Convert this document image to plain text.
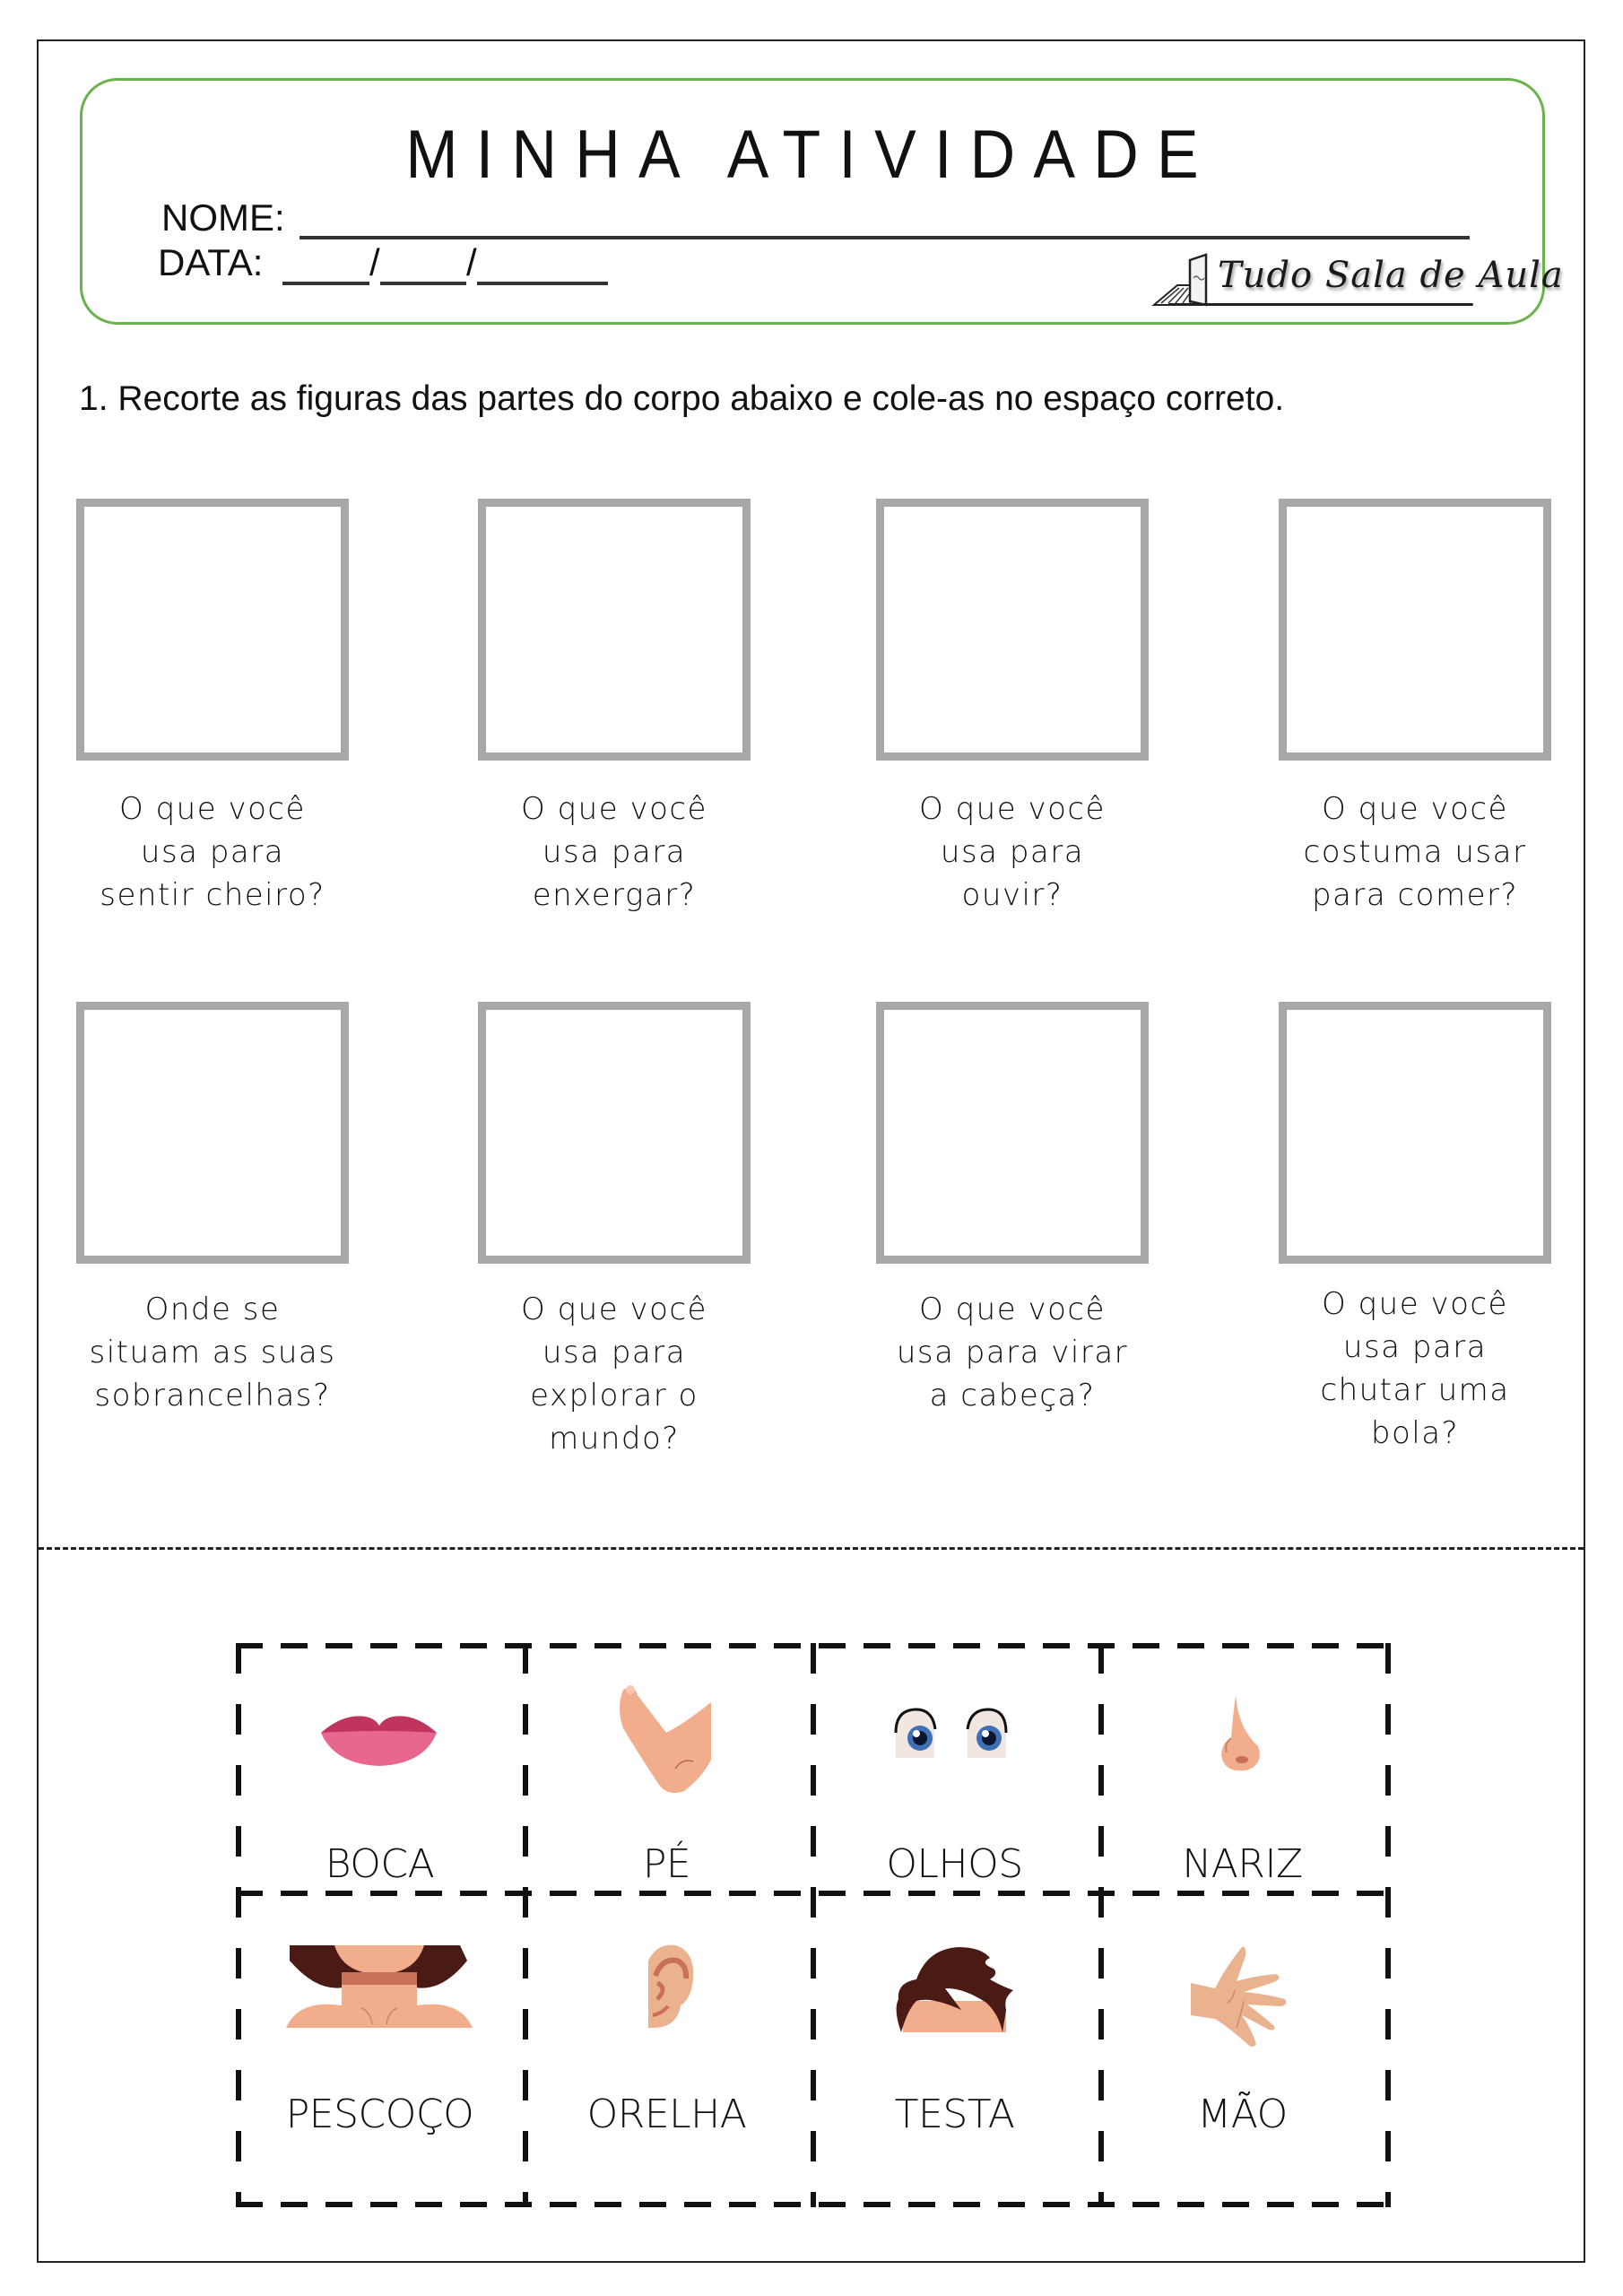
MINHA ATIVIDADE
NOME:
DATA:	/ /	Tudo Sala de Aula
1. Recorte as figuras das partes do corpo abaixo e cole-as no espaço correto.
O que você
usa para
sentir cheiro?
O que você
usa para
enxergar?
O que você
usa para
ouvir?
O que você
costuma usar
para comer?
Onde se
situam as suas
sobrancelhas?
O que você
usa para
explorar o
mundo?
O que você
usa para virar
a cabeça?
O que você
usa para
chutar uma
bola?
BOCA	PÉ	OLHOS	NARIZ
PESCOÇO	ORELHA	TESTA	MÃO
